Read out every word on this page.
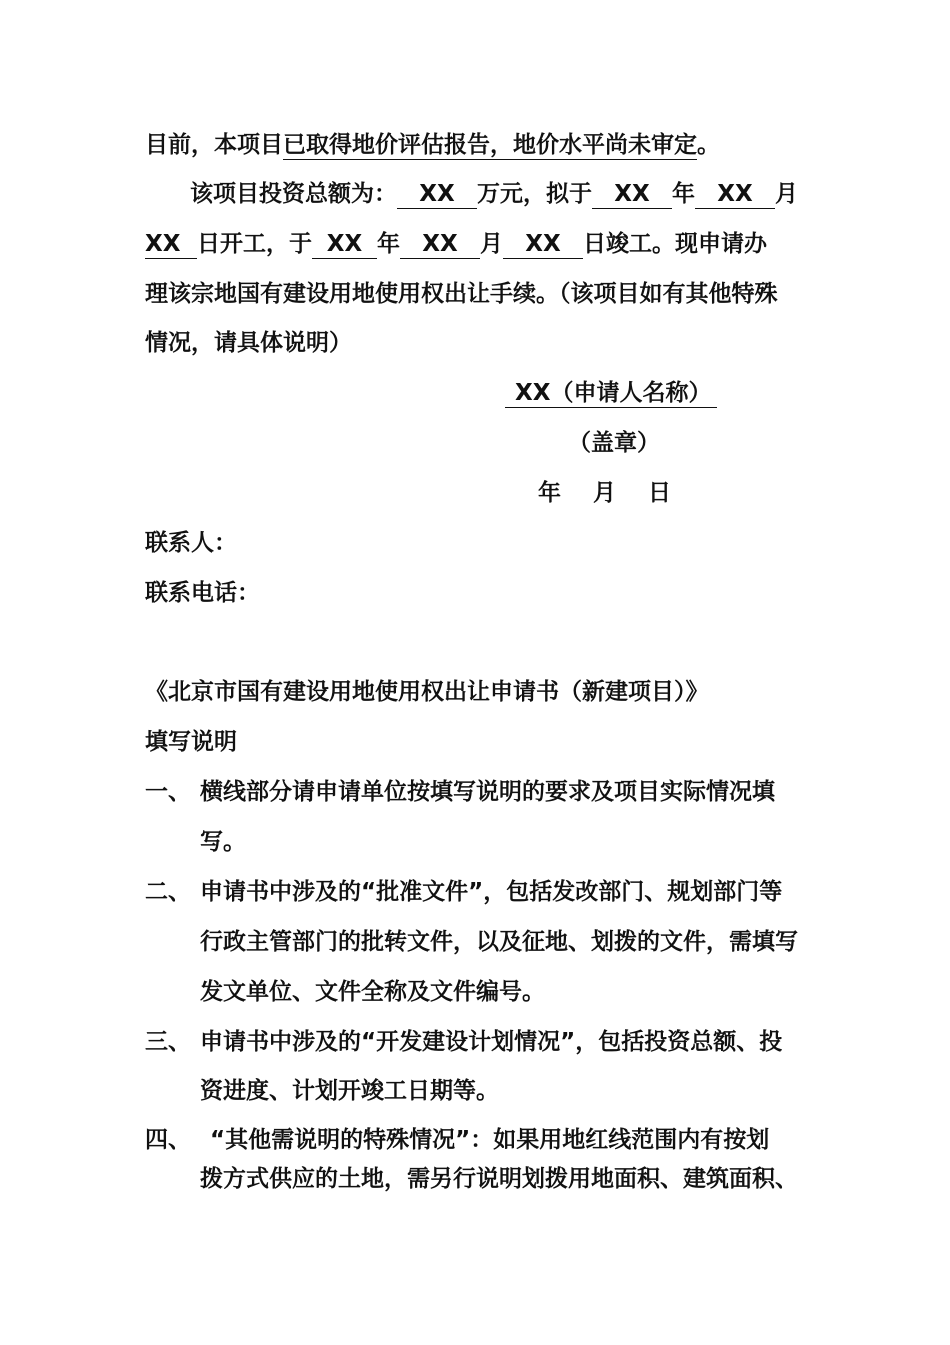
目前，本项目已取得地价评估报告，地价水平尚未审定。
该项目投资总额为： XX 万元，拟于 XX 年 XX 月
XX 日开工，于 XX 年 XX 月 XX 日竣工。现申请办
理该宗地国有建设用地使用权出让手续。（该项目如有其他特殊
情况，请具体说明）
XX（申请人名称）
（盖章）
年    月    日
联系人：
联系电话：
《北京市国有建设用地使用权出让申请书（新建项目）》
填写说明
一、 横线部分请申请单位按填写说明的要求及项目实际情况填
写。
二、 申请书中涉及的“批准文件”，包括发改部门、规划部门等
行政主管部门的批转文件，以及征地、划拨的文件，需填写
发文单位、文件全称及文件编号。
三、 申请书中涉及的“开发建设计划情况”，包括投资总额、投
资进度、计划开竣工日期等。
四、 “其他需说明的特殊情况”：如果用地红线范围内有按划
拨方式供应的土地，需另行说明划拨用地面积、建筑面积、
